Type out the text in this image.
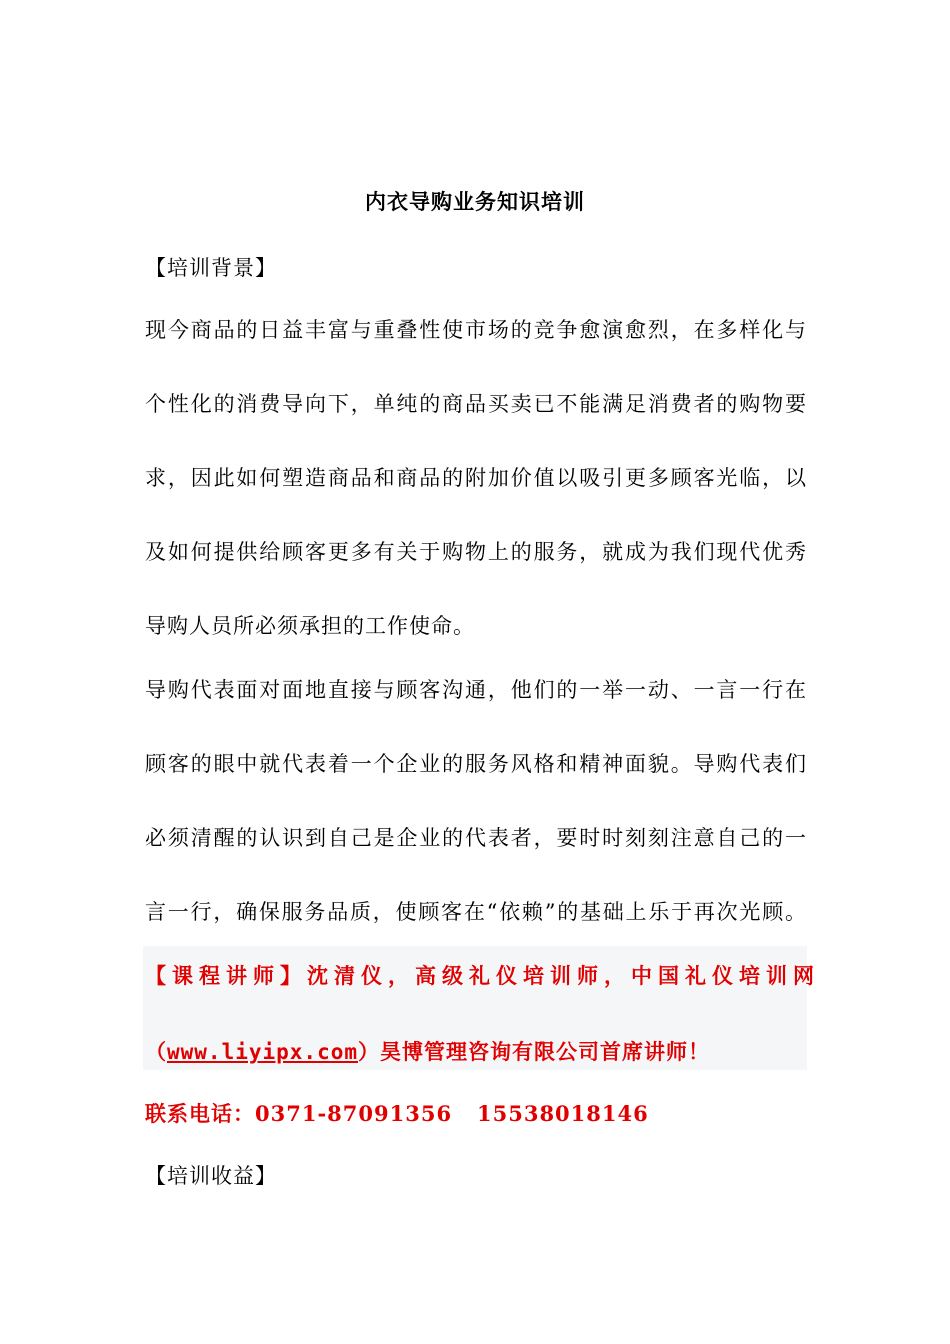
内衣导购业务知识培训
【培训背景】
现今商品的日益丰富与重叠性使市场的竞争愈演愈烈，在多样化与
个性化的消费导向下，单纯的商品买卖已不能满足消费者的购物要
求，因此如何塑造商品和商品的附加价值以吸引更多顾客光临，以
及如何提供给顾客更多有关于购物上的服务，就成为我们现代优秀
导购人员所必须承担的工作使命。
导购代表面对面地直接与顾客沟通，他们的一举一动、一言一行在
顾客的眼中就代表着一个企业的服务风格和精神面貌。导购代表们
必须清醒的认识到自己是企业的代表者，要时时刻刻注意自己的一
言一行，确保服务品质，使顾客在“依赖”的基础上乐于再次光顾。
【课程讲师】沈清仪，高级礼仪培训师，中国礼仪培训网
（www.liyipx.com）昊博管理咨询有限公司首席讲师！
联系电话：0371-87091356   15538018146
【培训收益】
